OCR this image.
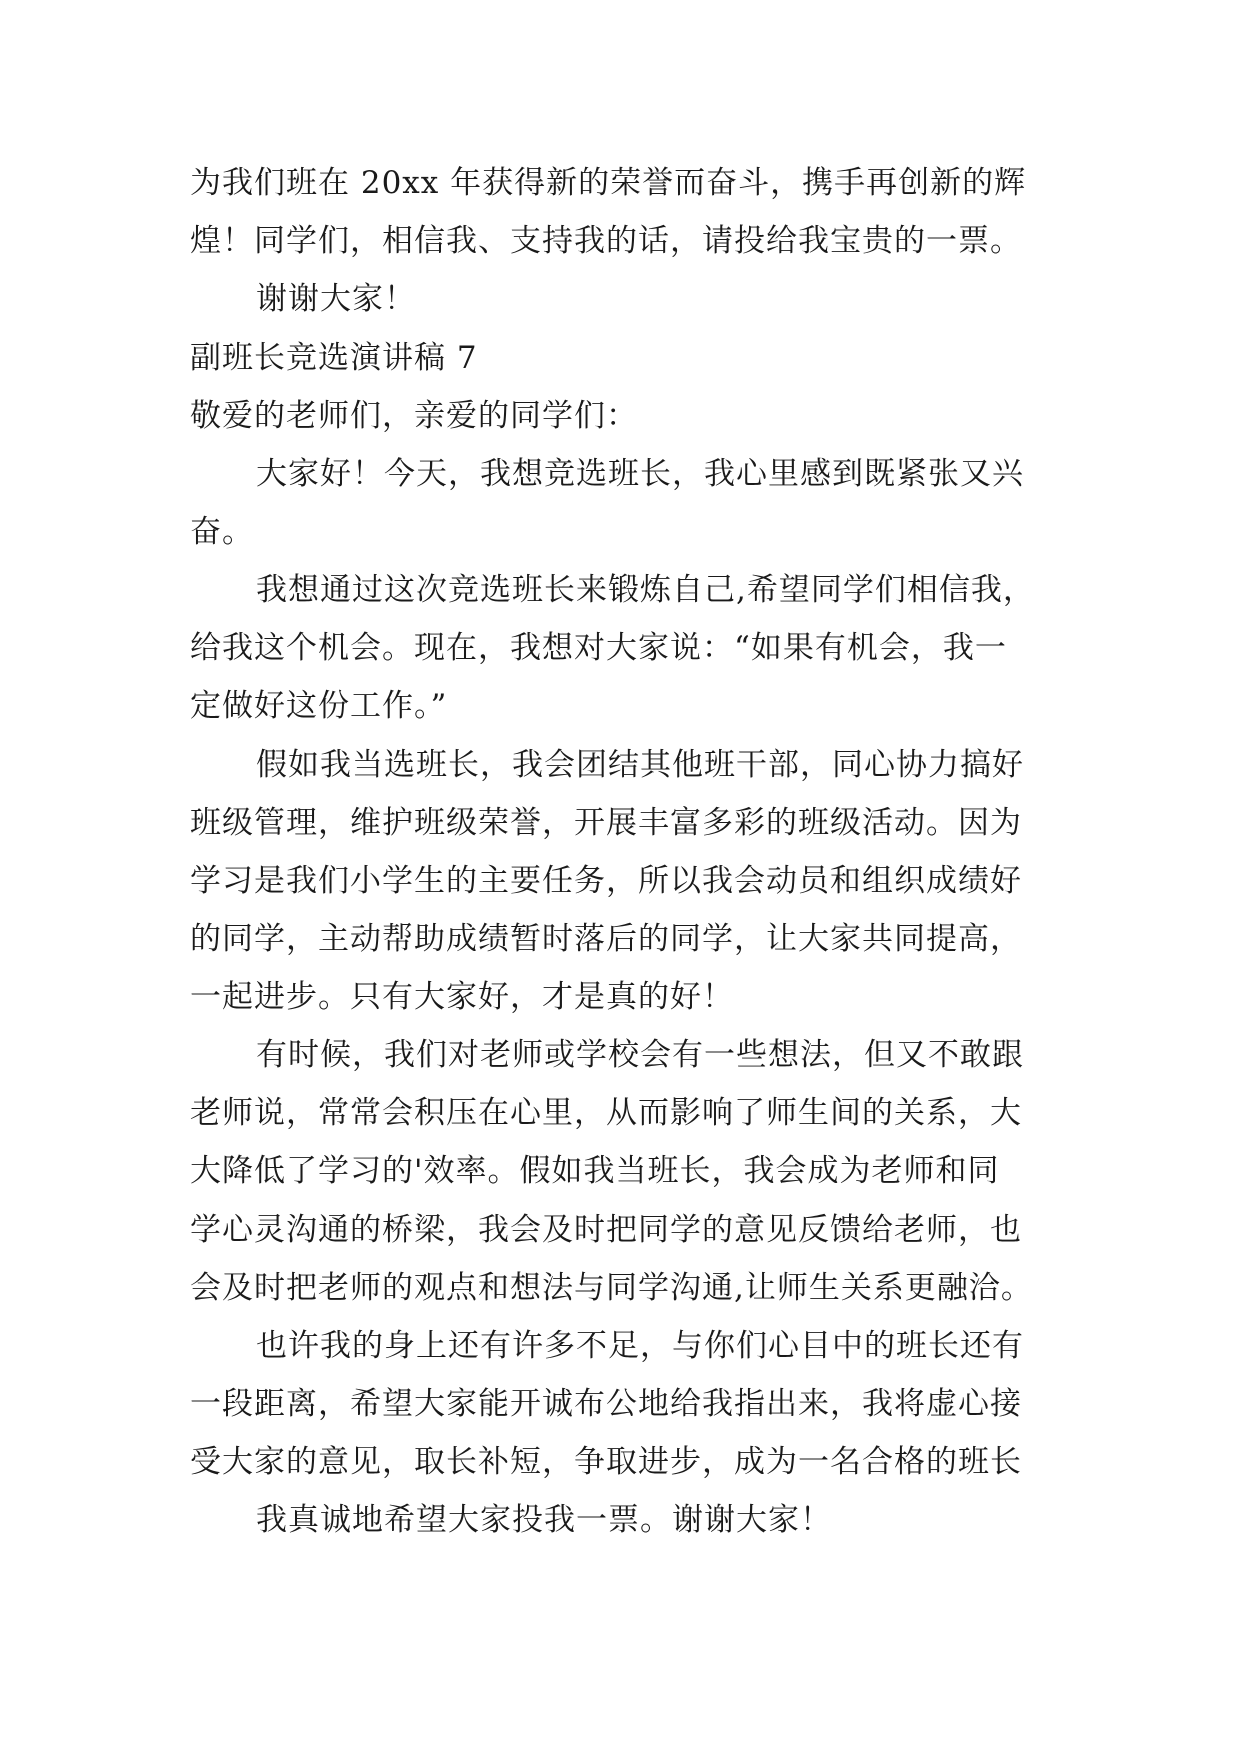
为我们班在 20xx 年获得新的荣誉而奋斗，携手再创新的辉
煌！同学们，相信我、支持我的话，请投给我宝贵的一票。
谢谢大家！
副班长竞选演讲稿 7
敬爱的老师们，亲爱的同学们：
大家好！今天，我想竞选班长，我心里感到既紧张又兴
奋。
我想通过这次竞选班长来锻炼自己,希望同学们相信我，
给我这个机会。现在，我想对大家说：“如果有机会，我一
定做好这份工作。”
假如我当选班长，我会团结其他班干部，同心协力搞好
班级管理，维护班级荣誉，开展丰富多彩的班级活动。因为
学习是我们小学生的主要任务，所以我会动员和组织成绩好
的同学，主动帮助成绩暂时落后的同学，让大家共同提高，
一起进步。只有大家好，才是真的好！
有时候，我们对老师或学校会有一些想法，但又不敢跟
老师说，常常会积压在心里，从而影响了师生间的关系，大
大降低了学习的'效率。假如我当班长，我会成为老师和同
学心灵沟通的桥梁，我会及时把同学的意见反馈给老师，也
会及时把老师的观点和想法与同学沟通,让师生关系更融洽。
也许我的身上还有许多不足，与你们心目中的班长还有
一段距离，希望大家能开诚布公地给我指出来，我将虚心接
受大家的意见，取长补短，争取进步，成为一名合格的班长
我真诚地希望大家投我一票。谢谢大家！
